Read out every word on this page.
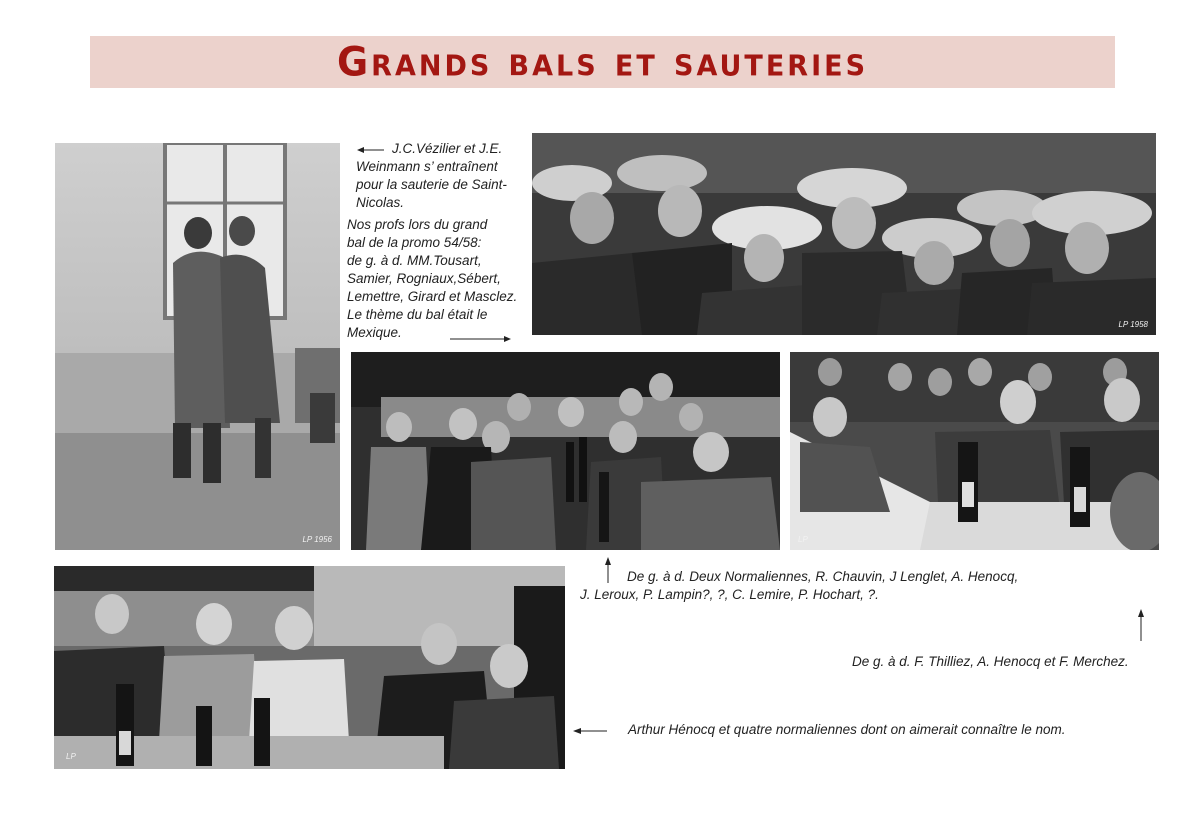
Grands bals et sauteries
LP 1956
J.C.Vézilier et J.E.
Weinmann s’ entraînent
pour la sauterie de Saint-
Nicolas.
Nos profs lors du grand
bal de la promo 54/58:
de g. à d. MM.Tousart,
Samier, Rogniaux,Sébert,
Lemettre, Girard et Masclez.
Le thème du bal était le
Mexique.
LP 1958
LP
De g. à d. Deux Normaliennes, R. Chauvin, J Lenglet, A. Henocq,
J. Leroux, P. Lampin?, ?, C. Lemire, P. Hochart, ?.
De g. à d. F. Thilliez, A. Henocq et F. Merchez.
LP
Arthur Hénocq et quatre normaliennes dont on aimerait connaître le nom.
